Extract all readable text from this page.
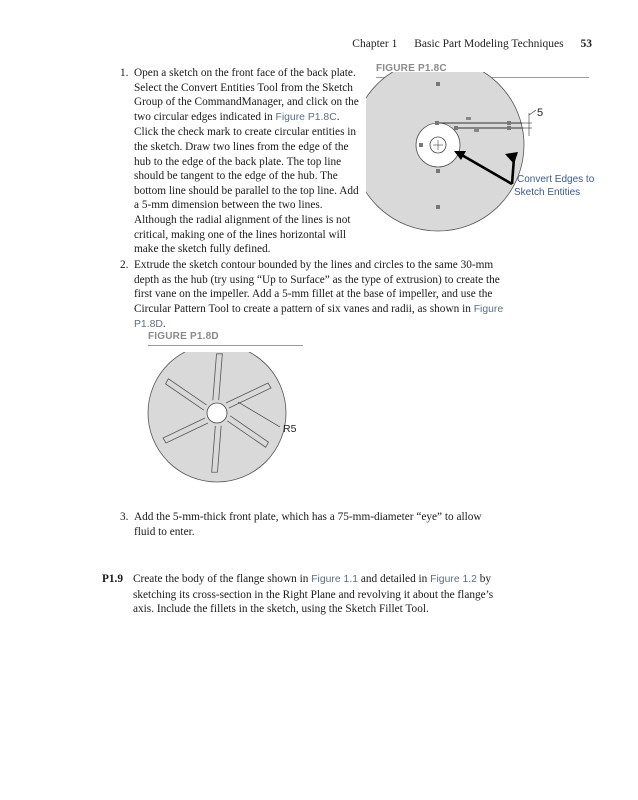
Chapter 1 Basic Part Modeling Techniques 53
1. Open a sketch on the front face of the back plate. Select the Convert Entities Tool from the Sketch Group of the CommandManager, and click on the two circular edges indicated in Figure P1.8C. Click the check mark to create circular entities in the sketch. Draw two lines from the edge of the hub to the edge of the back plate. The top line should be tangent to the edge of the hub. The bottom line should be parallel to the top line. Add a 5-mm dimension between the two lines. Although the radial alignment of the lines is not critical, making one of the lines horizontal will make the sketch fully defined.
FIGURE P1.8C
5
Convert Edges to
Sketch Entities
2. Extrude the sketch contour bounded by the lines and circles to the same 30-mm depth as the hub (try using “Up to Surface” as the type of extrusion) to create the first vane on the impeller. Add a 5-mm fillet at the base of impeller, and use the Circular Pattern Tool to create a pattern of six vanes and radii, as shown in Figure P1.8D.
FIGURE P1.8D
R5
3. Add the 5-mm-thick front plate, which has a 75-mm-diameter “eye” to allow fluid to enter.
P1.9 Create the body of the flange shown in Figure 1.1 and detailed in Figure 1.2 by sketching its cross-section in the Right Plane and revolving it about the flange’s axis. Include the fillets in the sketch, using the Sketch Fillet Tool.
